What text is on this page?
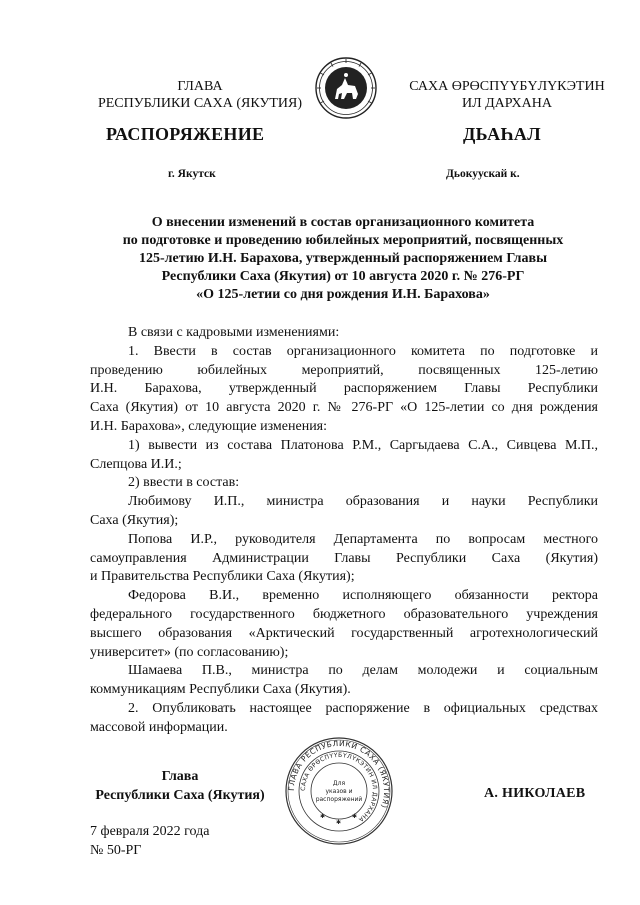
ГЛАВА
РЕСПУБЛИКИ САХА (ЯКУТИЯ)
САХА ӨРӨСПҮҮБҮЛҮКЭТИН
ИЛ ДАРХАНА
РАСПОРЯЖЕНИЕ	ДЬАҺАЛ
г. Якутск	Дьокуускай к.
О внесении изменений в состав организационного комитета
по подготовке и проведению юбилейных мероприятий, посвященных
125-летию И.Н. Барахова, утвержденный распоряжением Главы
Республики Саха (Якутия) от 10 августа 2020 г. № 276-РГ
«О 125-летии со дня рождения И.Н. Барахова»
В связи с кадровыми изменениями:
1. Ввести в состав организационного комитета по подготовке и
проведению юбилейных мероприятий, посвященных 125-летию
И.Н. Барахова, утвержденный распоряжением Главы Республики
Саха (Якутия) от 10 августа 2020 г. № 276-РГ «О 125-летии со дня рождения
И.Н. Барахова», следующие изменения:
1) вывести из состава Платонова Р.М., Саргыдаева С.А., Сивцева М.П.,
Слепцова И.И.;
2) ввести в состав:
Любимову И.П., министра образования и науки Республики
Саха (Якутия);
Попова И.Р., руководителя Департамента по вопросам местного
самоуправления Администрации Главы Республики Саха (Якутия)
и Правительства Республики Саха (Якутия);
Федорова В.И., временно исполняющего обязанности ректора
федерального государственного бюджетного образовательного учреждения
высшего образования «Арктический государственный агротехнологический
университет» (по согласованию);
Шамаева П.В., министра по делам молодежи и социальным
коммуникациям Республики Саха (Якутия).
2. Опубликовать настоящее распоряжение в официальных средствах
массовой информации.
Глава
Республики Саха (Якутия)	ГЛАВА РЕСПУБЛИКИ САХА (ЯКУТИЯ)
САХА ӨРӨСПҮҮБҮЛҮКЭТИН ИЛ ДАРХАНА
Для
указов и
распоряжений
✱
✱
✱
А. НИКОЛАЕВ
7 февраля 2022 года
№ 50-РГ
